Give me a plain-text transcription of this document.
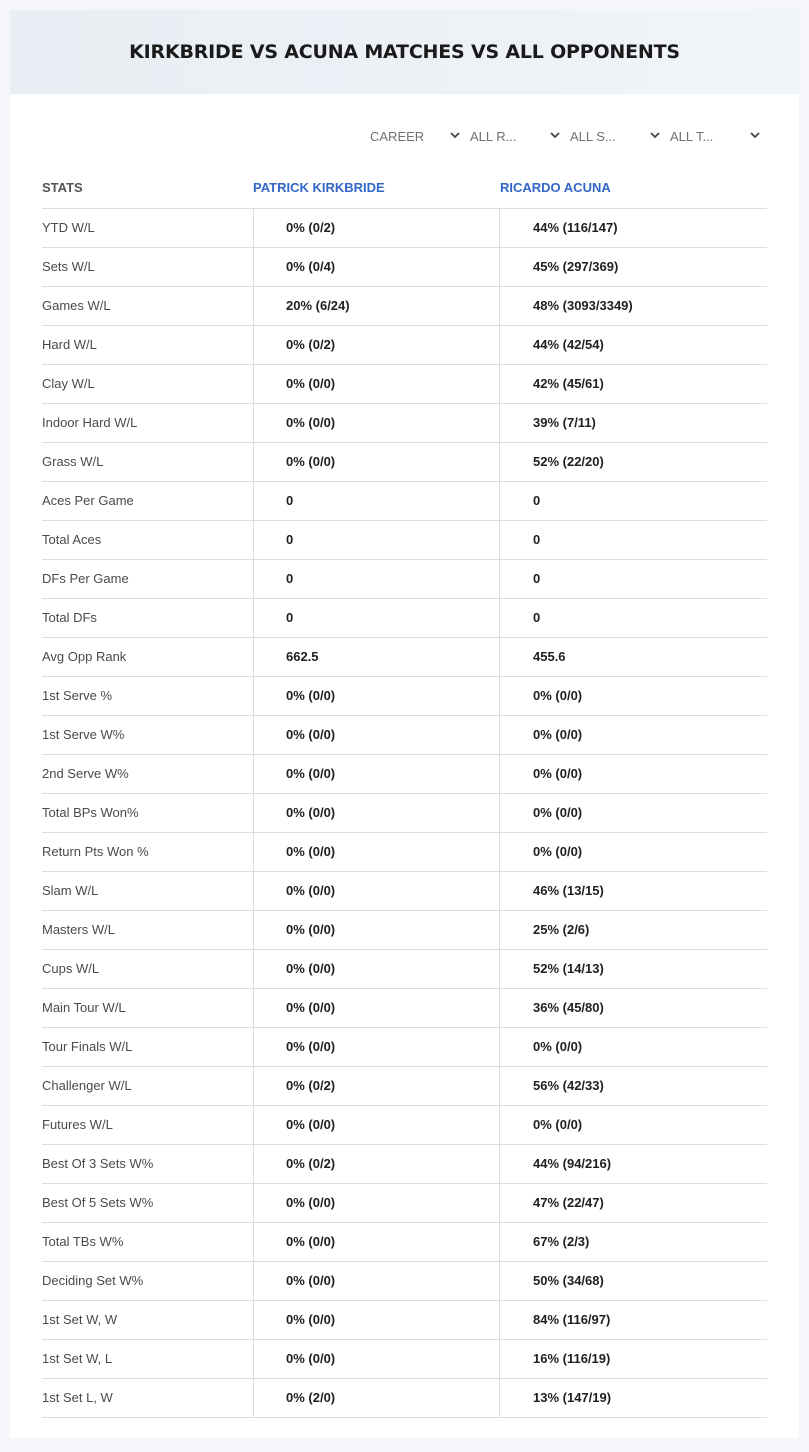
KIRKBRIDE VS ACUNA MATCHES VS ALL OPPONENTS
CAREER	ALL R...	ALL S...	ALL T...
STATS	PATRICK KIRKBRIDE	RICARDO ACUNA
YTD W/L	0% (0/2)	44% (116/147)
Sets W/L	0% (0/4)	45% (297/369)
Games W/L	20% (6/24)	48% (3093/3349)
Hard W/L	0% (0/2)	44% (42/54)
Clay W/L	0% (0/0)	42% (45/61)
Indoor Hard W/L	0% (0/0)	39% (7/11)
Grass W/L	0% (0/0)	52% (22/20)
Aces Per Game	0	0
Total Aces	0	0
DFs Per Game	0	0
Total DFs	0	0
Avg Opp Rank	662.5	455.6
1st Serve %	0% (0/0)	0% (0/0)
1st Serve W%	0% (0/0)	0% (0/0)
2nd Serve W%	0% (0/0)	0% (0/0)
Total BPs Won%	0% (0/0)	0% (0/0)
Return Pts Won %	0% (0/0)	0% (0/0)
Slam W/L	0% (0/0)	46% (13/15)
Masters W/L	0% (0/0)	25% (2/6)
Cups W/L	0% (0/0)	52% (14/13)
Main Tour W/L	0% (0/0)	36% (45/80)
Tour Finals W/L	0% (0/0)	0% (0/0)
Challenger W/L	0% (0/2)	56% (42/33)
Futures W/L	0% (0/0)	0% (0/0)
Best Of 3 Sets W%	0% (0/2)	44% (94/216)
Best Of 5 Sets W%	0% (0/0)	47% (22/47)
Total TBs W%	0% (0/0)	67% (2/3)
Deciding Set W%	0% (0/0)	50% (34/68)
1st Set W, W	0% (0/0)	84% (116/97)
1st Set W, L	0% (0/0)	16% (116/19)
1st Set L, W	0% (2/0)	13% (147/19)
